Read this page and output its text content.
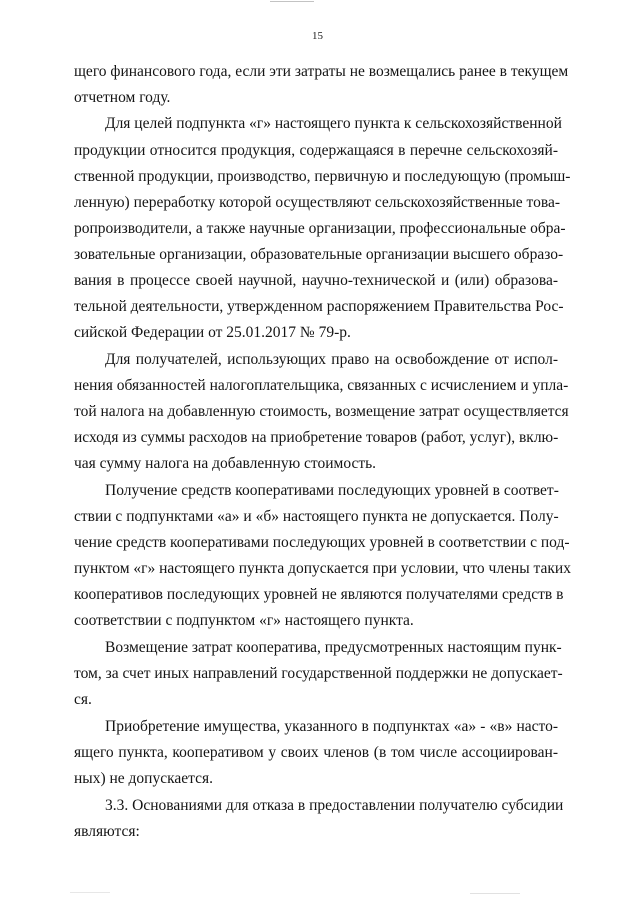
15
щего финансового года, если эти затраты не возмещались ранее в текущем
отчетном году.
Для целей подпункта «г» настоящего пункта к сельскохозяйственной
продукции относится продукция, содержащаяся в перечне сельскохозяй-
ственной продукции, производство, первичную и последующую (промыш-
ленную) переработку которой осуществляют сельскохозяйственные това-
ропроизводители, а также научные организации, профессиональные обра-
зовательные организации, образовательные организации высшего образо-
вания в процессе своей научной, научно-технической и (или) образова-
тельной деятельности, утвержденном распоряжением Правительства Рос-
сийской Федерации от 25.01.2017 № 79-р.
Для получателей, использующих право на освобождение от испол-
нения обязанностей налогоплательщика, связанных с исчислением и упла-
той налога на добавленную стоимость, возмещение затрат осуществляется
исходя из суммы расходов на приобретение товаров (работ, услуг), вклю-
чая сумму налога на добавленную стоимость.
Получение средств кооперативами последующих уровней в соответ-
ствии с подпунктами «а» и «б» настоящего пункта не допускается. Полу-
чение средств кооперативами последующих уровней в соответствии с под-
пунктом «г» настоящего пункта допускается при условии, что члены таких
кооперативов последующих уровней не являются получателями средств в
соответствии с подпунктом «г» настоящего пункта.
Возмещение затрат кооператива, предусмотренных настоящим пунк-
том, за счет иных направлений государственной поддержки не допускает-
ся.
Приобретение имущества, указанного в подпунктах «а» - «в» насто-
ящего пункта, кооперативом у своих членов (в том числе ассоциирован-
ных) не допускается.
3.3. Основаниями для отказа в предоставлении получателю субсидии
являются:
